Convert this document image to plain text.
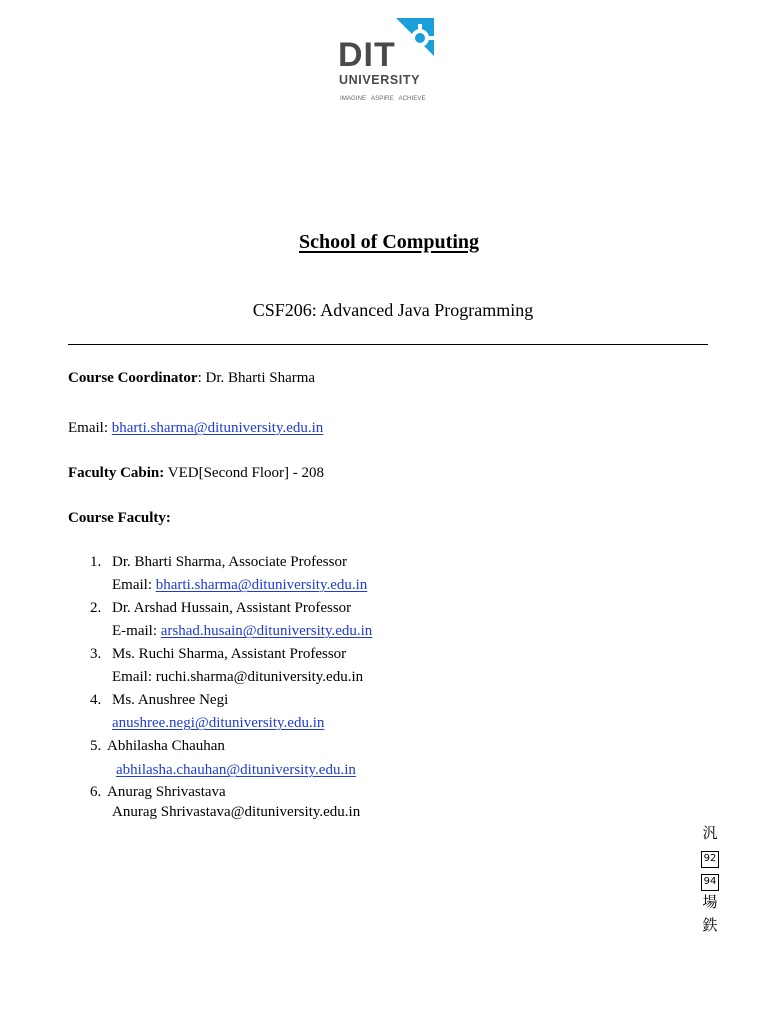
DIT
UNIVERSITY
IMAGINE   ASPIRE   ACHIEVE
School of Computing
CSF206: Advanced Java Programming
Course Coordinator: Dr. Bharti Sharma
Email: bharti.sharma@dituniversity.edu.in
Faculty Cabin: VED[Second Floor] - 208
Course Faculty:
1. Dr. Bharti Sharma, Associate Professor
Email: bharti.sharma@dituniversity.edu.in
2. Dr. Arshad Hussain, Assistant Professor
E-mail: arshad.husain@dituniversity.edu.in
3. Ms. Ruchi Sharma, Assistant Professor
Email: ruchi.sharma@dituniversity.edu.in
4. Ms. Anushree Negi
anushree.negi@dituniversity.edu.in
5. Abhilasha Chauhan
abhilasha.chauhan@dituniversity.edu.in
6. Anurag Shrivastava
Anurag Shrivastava@dituniversity.edu.in
汎
92
94
場
鉄
